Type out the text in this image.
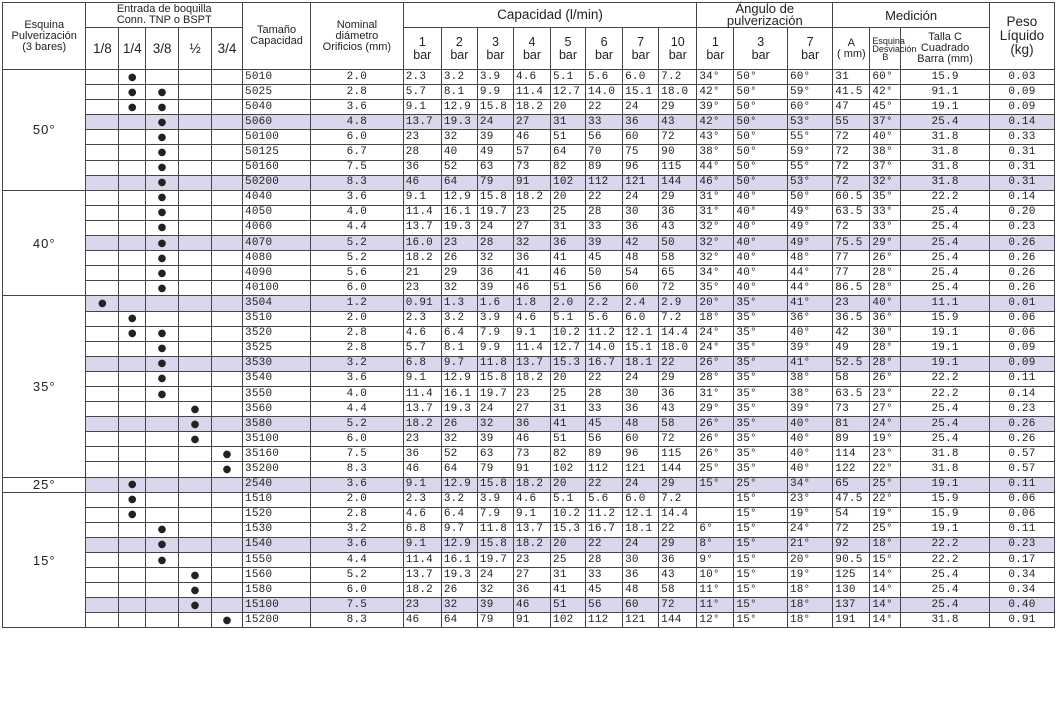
Esquina
Pulverización
(3 bares)	Entrada de boquilla
Conn. TNP o BSPT					Tamaño
Capacidad	Nominal
diámetro
Orificios (mm)	Capacidad (l/min)								Ángulo de
pulverización			Medición			Peso
Líquido
(kg)
								1
bar	2
bar	3
bar	4
bar	5
bar	6
bar	7
bar	10
bar	1
bar	3
bar	7
bar	A
( mm)	Esquina
Desviación B	Talla C
Cuadrado
Barra (mm)	
	1/8	1/4	3/8	½	3/4																	
50°		●				5010	2.0	2.3	3.2	3.9	4.6	5.1	5.6	6.0	7.2	34°	50°	60°	31	60°	15.9	0.03
		●	●			5025	2.8	5.7	8.1	9.9	11.4	12.7	14.0	15.1	18.0	42°	50°	59°	41.5	42°	91.1	0.09
		●	●			5040	3.6	9.1	12.9	15.8	18.2	20	22	24	29	39°	50°	60°	47	45°	19.1	0.09
			●			5060	4.8	13.7	19.3	24	27	31	33	36	43	42°	50°	53°	55	37°	25.4	0.14
			●			50100	6.0	23	32	39	46	51	56	60	72	43°	50°	55°	72	40°	31.8	0.33
			●			50125	6.7	28	40	49	57	64	70	75	90	38°	50°	59°	72	38°	31.8	0.31
			●			50160	7.5	36	52	63	73	82	89	96	115	44°	50°	55°	72	37°	31.8	0.31
			●			50200	8.3	46	64	79	91	102	112	121	144	46°	50°	53°	72	32°	31.8	0.31
40°			●			4040	3.6	9.1	12.9	15.8	18.2	20	22	24	29	31°	40°	50°	60.5	35°	22.2	0.14
			●			4050	4.0	11.4	16.1	19.7	23	25	28	30	36	31°	40°	49°	63.5	33°	25.4	0.20
			●			4060	4.4	13.7	19.3	24	27	31	33	36	43	32°	40°	49°	72	33°	25.4	0.23
			●			4070	5.2	16.0	23	28	32	36	39	42	50	32°	40°	49°	75.5	29°	25.4	0.26
			●			4080	5.2	18.2	26	32	36	41	45	48	58	32°	40°	48°	77	26°	25.4	0.26
			●			4090	5.6	21	29	36	41	46	50	54	65	34°	40°	44°	77	28°	25.4	0.26
			●			40100	6.0	23	32	39	46	51	56	60	72	35°	40°	44°	86.5	28°	25.4	0.26
35°	●					3504	1.2	0.91	1.3	1.6	1.8	2.0	2.2	2.4	2.9	20°	35°	41°	23	40°	11.1	0.01
		●				3510	2.0	2.3	3.2	3.9	4.6	5.1	5.6	6.0	7.2	18°	35°	36°	36.5	36°	15.9	0.06
		●	●			3520	2.8	4.6	6.4	7.9	9.1	10.2	11.2	12.1	14.4	24°	35°	40°	42	30°	19.1	0.06
			●			3525	2.8	5.7	8.1	9.9	11.4	12.7	14.0	15.1	18.0	24°	35°	39°	49	28°	19.1	0.09
			●			3530	3.2	6.8	9.7	11.8	13.7	15.3	16.7	18.1	22	26°	35°	41°	52.5	28°	19.1	0.09
			●			3540	3.6	9.1	12.9	15.8	18.2	20	22	24	29	28°	35°	38°	58	26°	22.2	0.11
			●			3550	4.0	11.4	16.1	19.7	23	25	28	30	36	31°	35°	38°	63.5	23°	22.2	0.14
				●		3560	4.4	13.7	19.3	24	27	31	33	36	43	29°	35°	39°	73	27°	25.4	0.23
				●		3580	5.2	18.2	26	32	36	41	45	48	58	26°	35°	40°	81	24°	25.4	0.26
				●		35100	6.0	23	32	39	46	51	56	60	72	26°	35°	40°	89	19°	25.4	0.26
					●	35160	7.5	36	52	63	73	82	89	96	115	26°	35°	40°	114	23°	31.8	0.57
					●	35200	8.3	46	64	79	91	102	112	121	144	25°	35°	40°	122	22°	31.8	0.57
25°		●				2540	3.6	9.1	12.9	15.8	18.2	20	22	24	29	15°	25°	34°	65	25°	19.1	0.11
15°		●				1510	2.0	2.3	3.2	3.9	4.6	5.1	5.6	6.0	7.2		15°	23°	47.5	22°	15.9	0.06
		●				1520	2.8	4.6	6.4	7.9	9.1	10.2	11.2	12.1	14.4		15°	19°	54	19°	15.9	0.06
			●			1530	3.2	6.8	9.7	11.8	13.7	15.3	16.7	18.1	22	6°	15°	24°	72	25°	19.1	0.11
			●			1540	3.6	9.1	12.9	15.8	18.2	20	22	24	29	8°	15°	21°	92	18°	22.2	0.23
			●			1550	4.4	11.4	16.1	19.7	23	25	28	30	36	9°	15°	20°	90.5	15°	22.2	0.17
				●		1560	5.2	13.7	19.3	24	27	31	33	36	43	10°	15°	19°	125	14°	25.4	0.34
				●		1580	6.0	18.2	26	32	36	41	45	48	58	11°	15°	18°	130	14°	25.4	0.34
				●		15100	7.5	23	32	39	46	51	56	60	72	11°	15°	18°	137	14°	25.4	0.40
					●	15200	8.3	46	64	79	91	102	112	121	144	12°	15°	18°	191	14°	31.8	0.91
